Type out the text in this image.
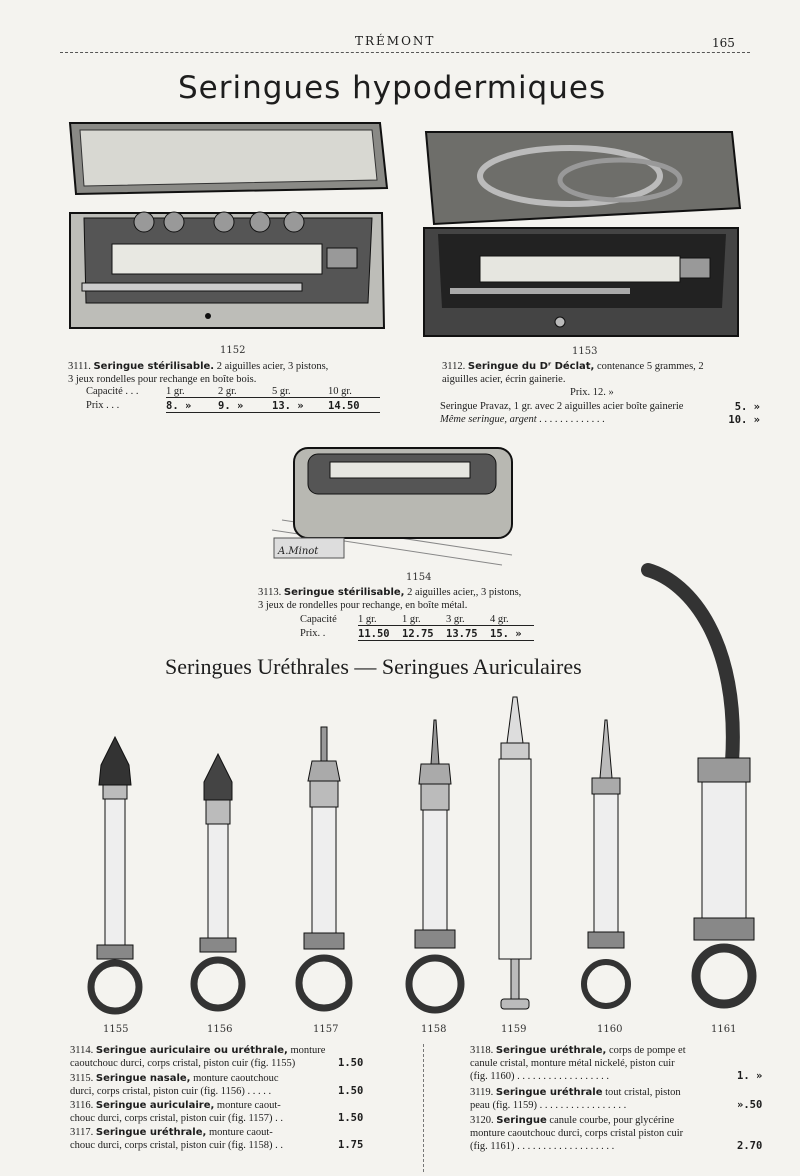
TRÉMONT	165
Seringues hypodermiques
1152	1153
3111. Seringue stérilisable. 2 aiguilles acier, 3 pistons,
3 jeux rondelles pour rechange en boîte bois.
Capacité . . .	1 gr.	2 gr.	5 gr.	10 gr.
Prix . . .	8. »	9. »	13. »	14.50
3112. Seringue du Dʳ Déclat, contenance 5 grammes, 2
aiguilles acier, écrin gainerie.
Prix. 12. »
Seringue Pravaz, 1 gr. avec 2 aiguilles acier boîte gainerie	5. »
Même seringue, argent . . . . . . . . . . . . .	10. »
A.Minot
1154
3113. Seringue stérilisable, 2 aiguilles acier,, 3 pistons,
3 jeux de rondelles pour rechange, en boîte métal.
Capacité	1 gr.	1 gr.	3 gr.	4 gr.
Prix. .	11.50	12.75	13.75	15. »
Seringues Uréthrales — Seringues Auriculaires
1155	1156	1157	1158	1159	1160	1161
3114. Seringue auriculaire ou uréthrale, monture
caoutchouc durci, corps cristal, piston cuir (fig. 1155)	1.50
3115. Seringue nasale, monture caoutchouc
durci, corps cristal, piston cuir (fig. 1156) . . . . .	1.50
3116. Seringue auriculaire, monture caout-
chouc durci, corps cristal, piston cuir (fig. 1157) . .	1.50
3117. Seringue uréthrale, monture caout-
chouc durci, corps cristal, piston cuir (fig. 1158) . .	1.75
3118. Seringue uréthrale, corps de pompe et
canule cristal, monture métal nickelé, piston cuir
(fig. 1160) . . . . . . . . . . . . . . . . . .	1. »
3119. Seringue uréthrale tout cristal, piston
peau (fig. 1159) . . . . . . . . . . . . . . . . .	».50
3120. Seringue canule courbe, pour glycérine
monture caoutchouc durci, corps cristal piston cuir
(fig. 1161) . . . . . . . . . . . . . . . . . . .	2.70
